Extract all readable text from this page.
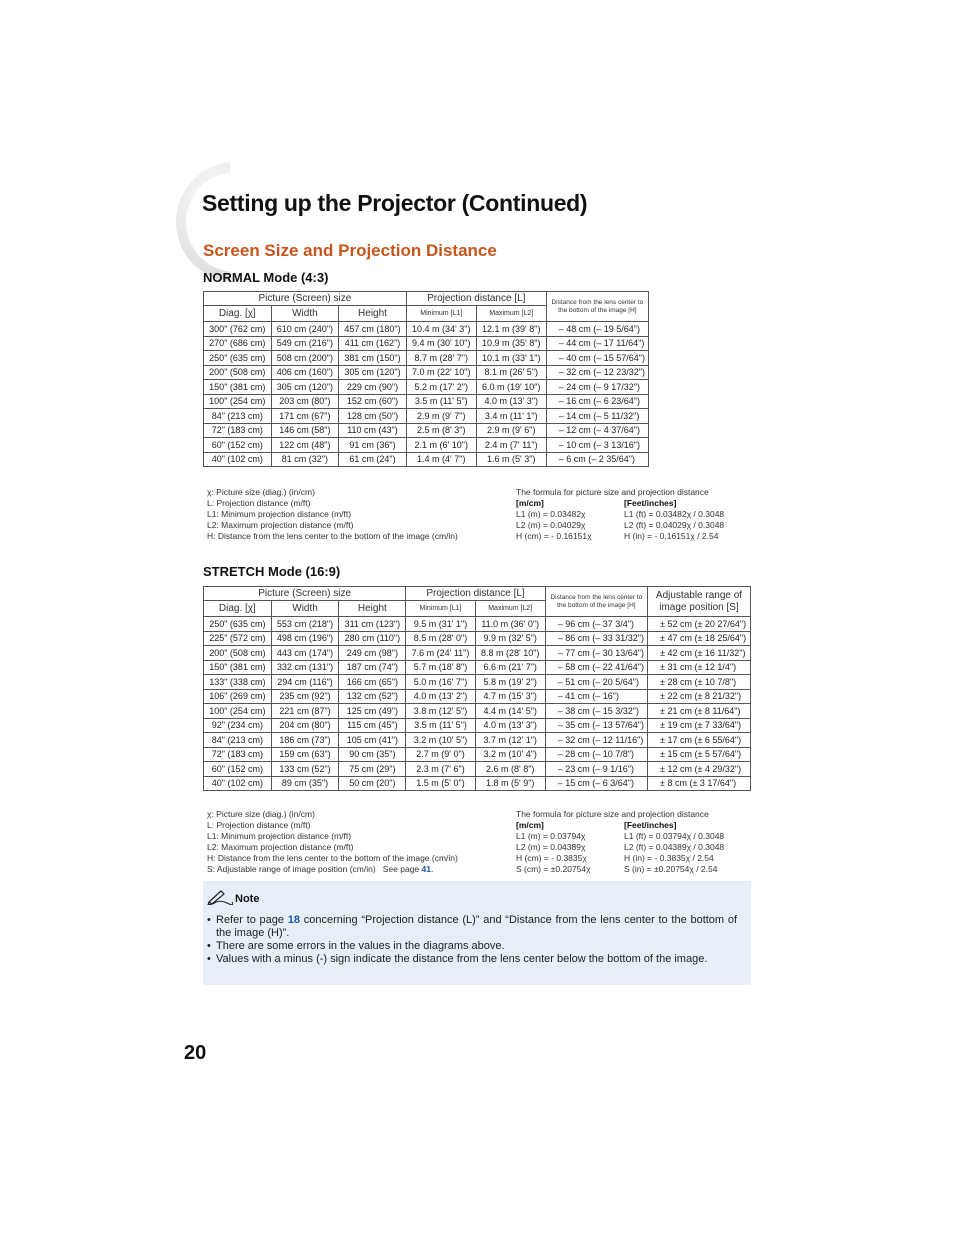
Setting up the Projector (Continued)
Screen Size and Projection Distance
NORMAL Mode (4:3)
Picture (Screen) size			Projection distance [L]		Distance from the lens center to the bottom of the image [H]
Diag. [χ]	Width	Height	Minimum [L1]	Maximum [L2]	
300" (762 cm)	610 cm (240")	457 cm (180")	10.4 m (34' 3")	12.1 m (39' 8")	– 48 cm (– 19 5/64")
270" (686 cm)	549 cm (216")	411 cm (162")	9.4 m (30' 10")	10.9 m (35' 8")	– 44 cm (– 17 11/64")
250" (635 cm)	508 cm (200")	381 cm (150")	8.7 m (28' 7")	10.1 m (33' 1")	– 40 cm (– 15 57/64")
200" (508 cm)	406 cm (160")	305 cm (120")	7.0 m (22' 10")	8.1 m (26' 5")	– 32 cm (– 12 23/32")
150" (381 cm)	305 cm (120")	229 cm (90")	5.2 m (17' 2")	6.0 m (19' 10")	– 24 cm (– 9 17/32")
100" (254 cm)	203 cm (80")	152 cm (60")	3.5 m (11' 5")	4.0 m (13' 3")	– 16 cm (– 6 23/64")
84" (213 cm)	171 cm (67")	128 cm (50")	2.9 m (9' 7")	3.4 m (11' 1")	– 14 cm (– 5 11/32")
72" (183 cm)	146 cm (58")	110 cm (43")	2.5 m (8' 3")	2.9 m (9' 6")	– 12 cm (– 4 37/64")
60" (152 cm)	122 cm (48")	91 cm (36")	2.1 m (6' 10")	2.4 m (7' 11")	– 10 cm (– 3 13/16")
40" (102 cm)	81 cm (32")	61 cm (24")	1.4 m (4' 7")	1.6 m (5' 3")	– 6 cm (– 2 35/64")
χ: Picture size (diag.) (in/cm)
L: Projection distance (m/ft)
L1: Minimum projection distance (m/ft)
L2: Maximum projection distance (m/ft)
H: Distance from the lens center to the bottom of the image (cm/in)
The formula for picture size and projection distance
[m/cm]
L1 (m) = 0.03482χ
L2 (m) = 0.04029χ
H (cm) = - 0.16151χ
[Feet/inches]
L1 (ft) = 0.03482χ / 0.3048
L2 (ft) = 0.04029χ / 0.3048
H (in) = - 0.16151χ / 2.54
STRETCH Mode (16:9)
Picture (Screen) size			Projection distance [L]		Distance from the lens center to the bottom of the image [H]	Adjustable range of image position [S]
Diag. [χ]	Width	Height	Minimum [L1]	Maximum [L2]		
250" (635 cm)	553 cm (218")	311 cm (123")	9.5 m (31' 1")	11.0 m (36' 0")	– 96 cm (– 37 3/4")	± 52 cm (± 20 27/64")
225" (572 cm)	498 cm (196")	280 cm (110")	8.5 m (28' 0")	9.9 m (32' 5")	– 86 cm (– 33 31/32")	± 47 cm (± 18 25/64")
200" (508 cm)	443 cm (174")	249 cm (98")	7.6 m (24' 11")	8.8 m (28' 10")	– 77 cm (– 30 13/64")	± 42 cm (± 16 11/32")
150" (381 cm)	332 cm (131")	187 cm (74")	5.7 m (18' 8")	6.6 m (21' 7")	– 58 cm (– 22 41/64")	± 31 cm (± 12 1/4")
133" (338 cm)	294 cm (116")	166 cm (65")	5.0 m (16' 7")	5.8 m (19' 2")	– 51 cm (– 20 5/64")	± 28 cm (± 10 7/8")
106" (269 cm)	235 cm (92")	132 cm (52")	4.0 m (13' 2")	4.7 m (15' 3")	– 41 cm (– 16")	± 22 cm (± 8 21/32")
100" (254 cm)	221 cm (87")	125 cm (49")	3.8 m (12' 5")	4.4 m (14' 5")	– 38 cm (– 15 3/32")	± 21 cm (± 8 11/64")
92" (234 cm)	204 cm (80")	115 cm (45")	3.5 m (11' 5")	4.0 m (13' 3")	– 35 cm (– 13 57/64")	± 19 cm (± 7 33/64")
84" (213 cm)	186 cm (73")	105 cm (41")	3.2 m (10' 5")	3.7 m (12' 1")	– 32 cm (– 12 11/16")	± 17 cm (± 6 55/64")
72" (183 cm)	159 cm (63")	90 cm (35")	2.7 m (9' 0")	3.2 m (10' 4")	– 28 cm (– 10 7/8")	± 15 cm (± 5 57/64")
60" (152 cm)	133 cm (52")	75 cm (29")	2.3 m (7' 6")	2.6 m (8' 8")	– 23 cm (– 9 1/16")	± 12 cm (± 4 29/32")
40" (102 cm)	89 cm (35")	50 cm (20")	1.5 m (5' 0")	1.8 m (5' 9")	– 15 cm (– 6 3/64")	± 8 cm (± 3 17/64")
χ: Picture size (diag.) (in/cm)
L: Projection distance (m/ft)
L1: Minimum projection distance (m/ft)
L2: Maximum projection distance (m/ft)
H: Distance from the lens center to the bottom of the image (cm/in)
S: Adjustable range of image position (cm/in)   See page 41.
The formula for picture size and projection distance
[m/cm]
L1 (m) = 0.03794χ
L2 (m) = 0.04389χ
H (cm) = - 0.3835χ
S (cm) = ±0.20754χ
[Feet/inches]
L1 (ft) = 0.03794χ / 0.3048
L2 (ft) = 0.04389χ / 0.3048
H (in) = - 0.3835χ / 2.54
S (in) = ±0.20754χ / 2.54
Note
• Refer to page 18 concerning “Projection distance (L)” and “Distance from the lens center to the bottom of the image (H)”.
• There are some errors in the values in the diagrams above.
• Values with a minus (-) sign indicate the distance from the lens center below the bottom of the image.
20
